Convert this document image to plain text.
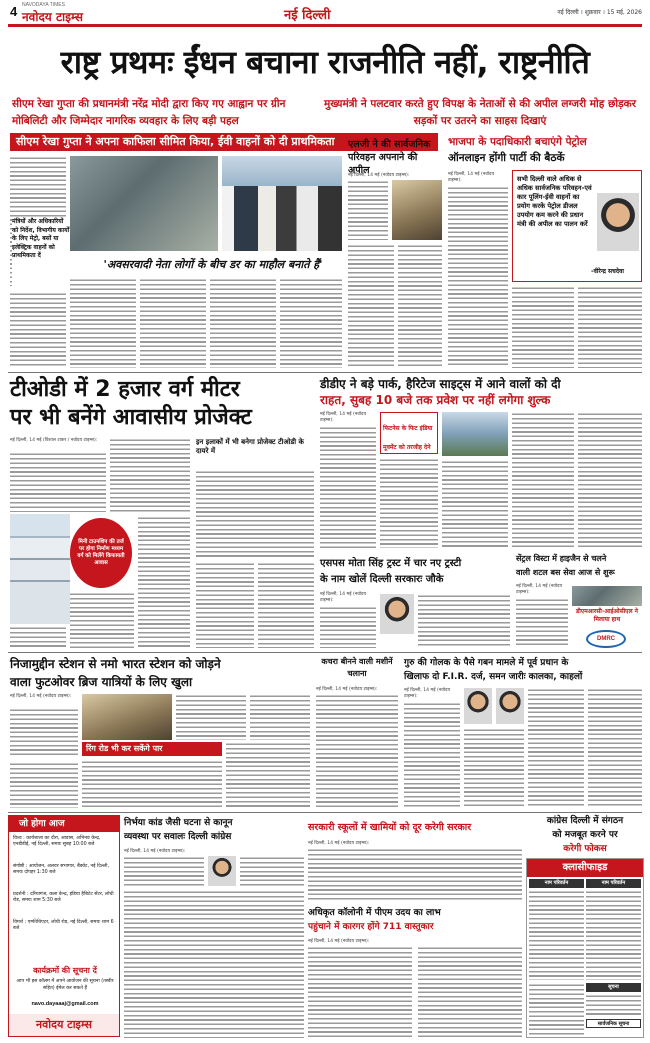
4 NAVODAYA TIMES
नवोदय टाइम्स	नई दिल्ली	नई दिल्ली । शुक्रवार । 15 मई, 2026
राष्ट्र प्रथमः ईंधन बचाना राजनीति नहीं, राष्ट्रनीति
सीएम रेखा गुप्ता की प्रधानमंत्री नरेंद्र मोदी द्वारा किए गए आह्वान पर ग्रीन मोबिलिटी और जिम्मेदार नागरिक व्यवहार के लिए बड़ी पहल
मुख्यमंत्री ने पलटवार करते हुए विपक्ष के नेताओं से की अपील लग्जरी मोह छोड़कर सड़कों पर उतरने का साहस दिखाएं
सीएम रेखा गुप्ता ने अपना काफिला सीमित किया, ईवी वाहनों को दी प्राथमिकता
मंत्रियों और अधिकारियों को निर्देश, विभागीय कार्यों के लिए मेट्रो, बसों या इलेक्ट्रिक वाहनों को प्राथमिकता दें
'अवसरवादी नेता लोगों के बीच डर का माहौल बनाते हैं'
एलजी ने की सार्वजनिक परिवहन अपनाने की अपील
नई दिल्ली, 14 मई (नवोदय टाइम्स):
भाजपा के पदाधिकारी बचाएंगे पेट्रोल
ऑनलाइन होंगी पार्टी की बैठकें
नई दिल्ली, 14 मई (नवोदय टाइम्स):	सभी दिल्ली वाले अधिक से अधिक सार्वजनिक परिवहन-एवं कार पूलिंग-ईवी वाहनों का प्रयोग करके पेट्रोल डीजल उपयोग कम करने की प्रधान मंत्री की अपील का पालन करें
-वीरेन्द्र सचदेवा
टीओडी में 2 हजार वर्ग मीटर
पर भी बनेंगे आवासीय प्रोजेक्ट
नई दिल्ली, 14 मई (विशाल टाकर / नवोदय टाइम्स):
मिनी टाउनशिप की तर्ज पर होगा निर्माण मध्यम वर्ग को मिलेंगे किफायती आवास
इन इलाकों में भी बनेगा प्रोजेक्ट टीओडी के दायरे में
डीडीए ने बड़े पार्क, हैरिटेज साइट्स में आने वालों को दी
राहत, सुबह 10 बजे तक प्रवेश पर नहीं लगेगा शुल्क
नई दिल्ली, 14 मई (नवोदय टाइम्स):
फिटनेस के फिट इंडिया मूवमेंट को तरजीह देने
एसपस मोता सिंह ट्रस्ट में चार नए ट्रस्टी
के नाम खोलें दिल्ली सरकारः जौके
नई दिल्ली, 14 मई (नवोदय टाइम्स):
सेंट्रल विस्टा में हाइजैन से चलने
वाली शटल बस सेवा आज से शुरू
नई दिल्ली, 14 मई (नवोदय टाइम्स):
डीएमआरसी-आईओसीएल ने मिलाया हाथ
DMRC
निजामुद्दीन स्टेशन से नमो भारत स्टेशन को जोड़ने
वाला फुटओवर ब्रिज यात्रियों के लिए खुला
नई दिल्ली, 14 मई (नवोदय टाइम्स):
रिंग रोड भी कर सकेंगे पार
कचरा बीनने वाली मशीनें चलाना
नई दिल्ली, 14 मई (नवोदय टाइम्स):
गुरु की गोलक के पैसे गबन मामले में पूर्व प्रधान के
खिलाफ दो F.I.R. दर्ज, समन जारीः कालका, काहलों
नई दिल्ली, 14 मई (नवोदय टाइम्स):
जो होगा आज
विश्व : कार्यशाला का दौरा, आवास, अभिनव केन्द्र, एनडीडीई, नई दिल्ली, समयः सुबह 10:00 बजे
संगोष्ठी : आयोजन, अलवर सभागार, बैंक्वेट, नई दिल्ली, समयः दोपहर 1:30 बजे
प्रदर्शनी : दरियागंज, कला केन्द्र, इंडिया हैबिटेट सेंटर, लोधी रोड, समयः शाम 5:30 बजे
विमर्श : एम्फीथिएटर, लोधी रोड, नई दिल्ली, समयः शाम 6 बजे
कार्यक्रमों की सूचना दें
आप भी इस कॉलम में अपने आयोजन की सूचना (तस्वीर सहित) ईमेल कर सकते हैं
navo.dayaaaj@gmail.com
नवोदय टाइम्स
निर्भया कांड जैसी घटना से कानून
व्यवस्था पर सवालः दिल्ली कांग्रेस
नई दिल्ली, 14 मई (नवोदय टाइम्स):
सरकारी स्कूलों में खामियों को दूर करेगी सरकार
नई दिल्ली, 14 मई (नवोदय टाइम्स):
अधिकृत कॉलोनी में पीएम उदय का लाभ
पहुंचाने में कारगर होंगे 711 वास्तुकार
नई दिल्ली, 14 मई (नवोदय टाइम्स):
कांग्रेस दिल्ली में संगठन
को मजबूत करने पर
करेगी फोकस
क्लासीफाइड
नाम परिवर्तन	नाम परिवर्तन
सूचना
सार्वजनिक सूचना
